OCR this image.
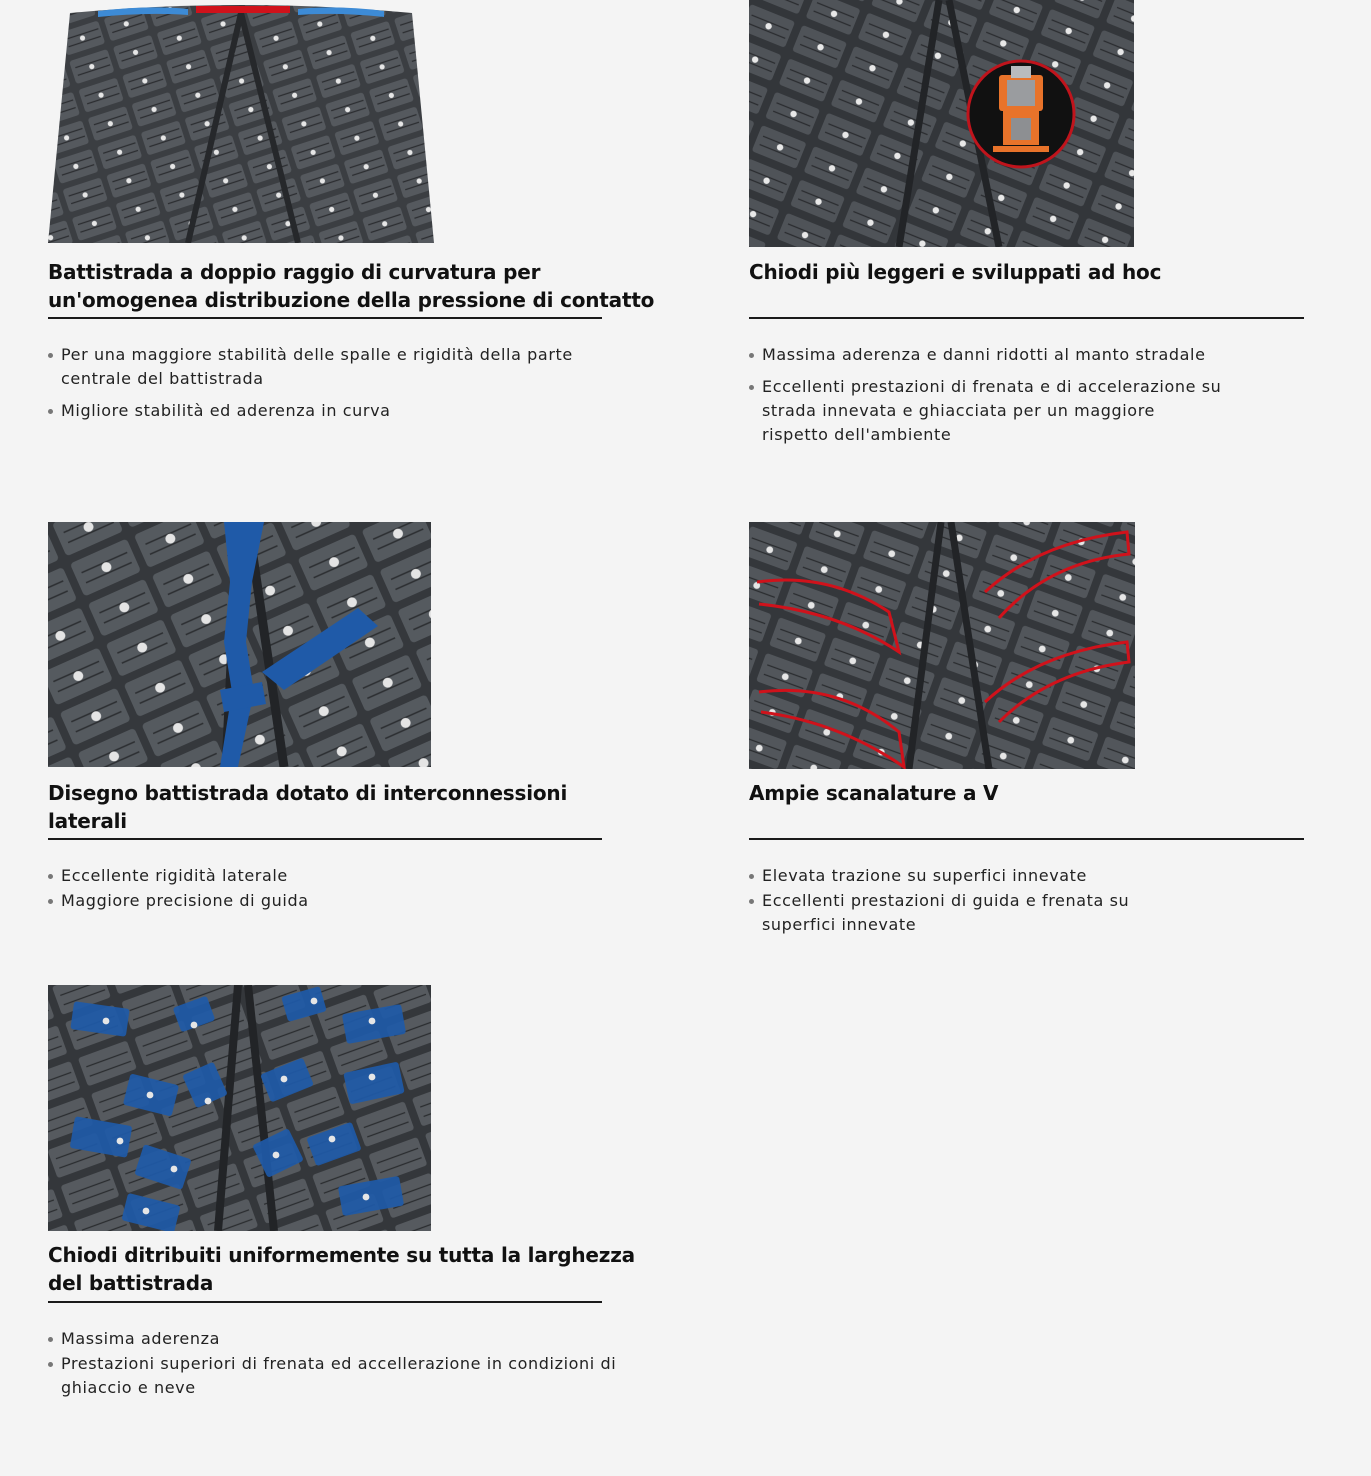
Battistrada a doppio raggio di curvatura per
un'omogenea distribuzione della pressione di contatto
Per una maggiore stabilità delle spalle e rigidità della parte centrale del battistrada
Migliore stabilità ed aderenza in curva
Chiodi più leggeri e sviluppati ad hoc
Massima aderenza e danni ridotti al manto stradale
Eccellenti prestazioni di frenata e di accelerazione su strada innevata e ghiacciata per un maggiore rispetto dell'ambiente
Disegno battistrada dotato di interconnessioni
laterali
Eccellente rigidità laterale
Maggiore precisione di guida
Ampie scanalature a V
Elevata trazione su superfici innevate
Eccellenti prestazioni di guida e frenata su superfici innevate
Chiodi ditribuiti uniformemente su tutta la larghezza
del battistrada
Massima aderenza
Prestazioni superiori di frenata ed accellerazione in condizioni di ghiaccio e neve
